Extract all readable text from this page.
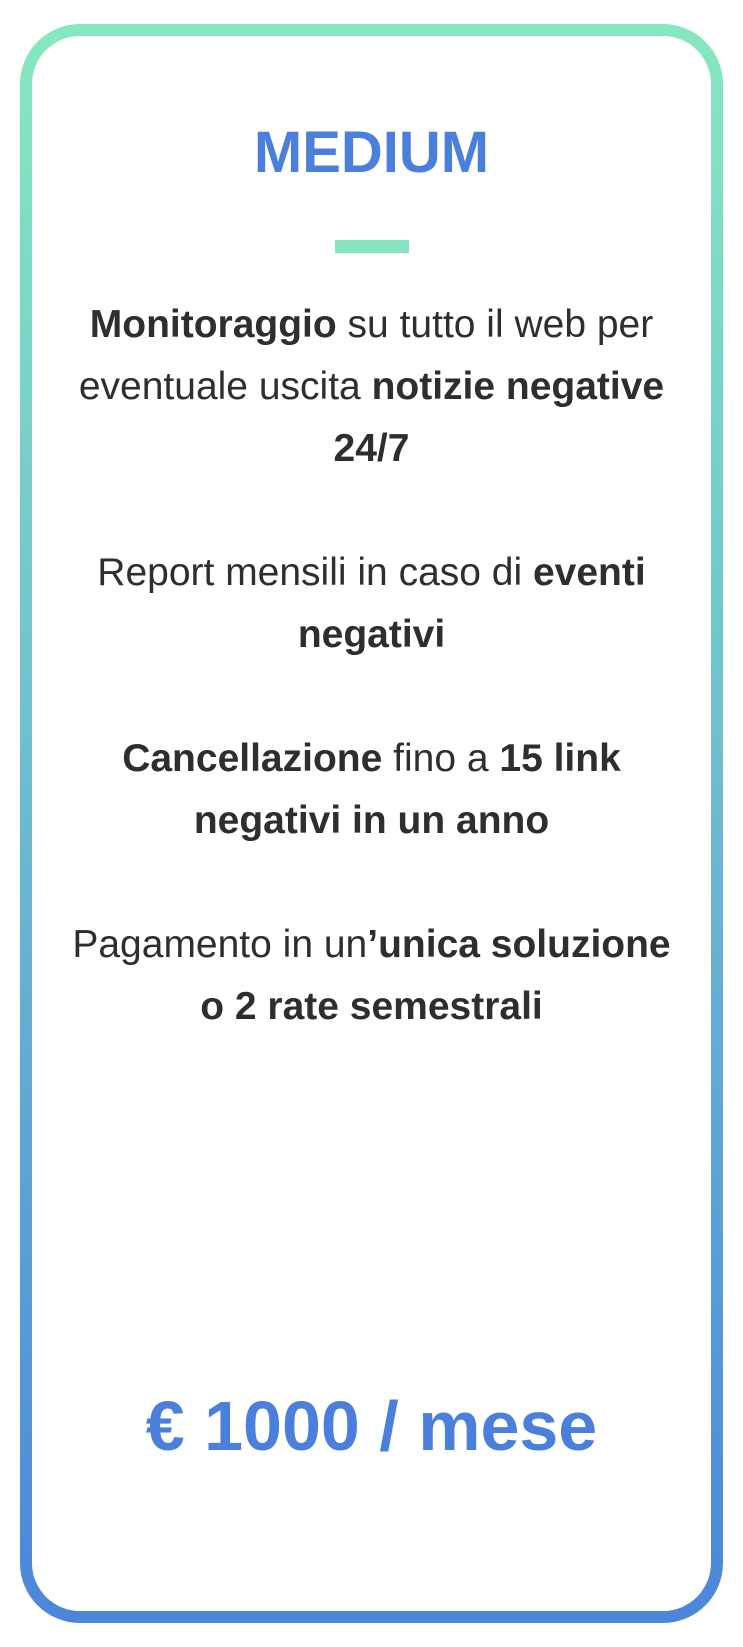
MEDIUM

Monitoraggio su tutto il web per eventuale uscita notizie negative 24/7

Report mensili in caso di eventi negativi

Cancellazione fino a 15 link negativi in un anno

Pagamento in un’unica soluzione o 2 rate semestrali

€ 1000 / mese
